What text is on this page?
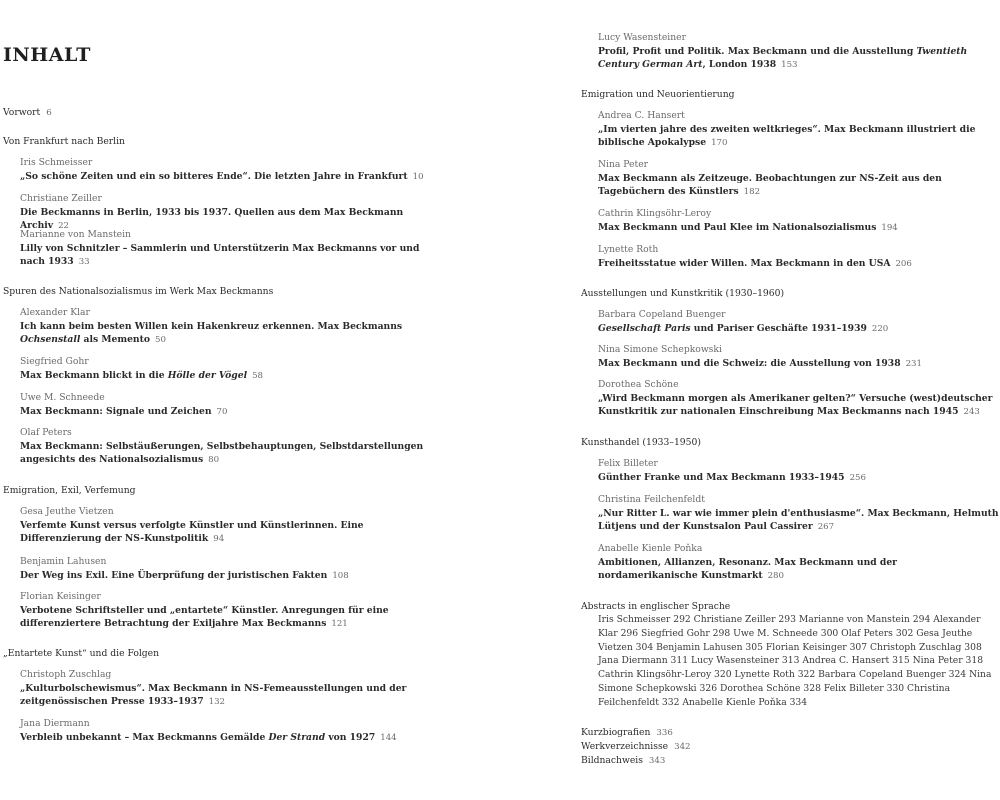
INHALT
Vorwort 6
Von Frankfurt nach Berlin
Iris Schmeisser
„So schöne Zeiten und ein so bitteres Ende“. Die letzten Jahre in Frankfurt 10
Christiane Zeiller
Die Beckmanns in Berlin, 1933 bis 1937. Quellen aus dem Max Beckmann Archiv 22
Marianne von Manstein
Lilly von Schnitzler – Sammlerin und Unterstützerin Max Beckmanns vor und nach 1933 33
Spuren des Nationalsozialismus im Werk Max Beckmanns
Alexander Klar
Ich kann beim besten Willen kein Hakenkreuz erkennen. Max Beckmanns Ochsenstall als Memento 50
Siegfried Gohr
Max Beckmann blickt in die Hölle der Vögel 58
Uwe M. Schneede
Max Beckmann: Signale und Zeichen 70
Olaf Peters
Max Beckmann: Selbstäußerungen, Selbstbehauptungen, Selbstdarstellungen angesichts des Nationalsozialismus 80
Emigration, Exil, Verfemung
Gesa Jeuthe Vietzen
Verfemte Kunst versus verfolgte Künstler und Künstlerinnen. Eine Differenzierung der NS-Kunstpolitik 94
Benjamin Lahusen
Der Weg ins Exil. Eine Überprüfung der juristischen Fakten 108
Florian Keisinger
Verbotene Schriftsteller und „entartete“ Künstler. Anregungen für eine differenziertere Betrachtung der Exiljahre Max Beckmanns 121
„Entartete Kunst“ und die Folgen
Christoph Zuschlag
„Kulturbolschewismus“. Max Beckmann in NS-Femeausstellungen und der zeitgenössischen Presse 1933–1937 132
Jana Diermann
Verbleib unbekannt – Max Beckmanns Gemälde Der Strand von 1927 144
Lucy Wasensteiner
Profil, Profit und Politik. Max Beckmann und die Ausstellung Twentieth Century German Art, London 1938 153
Emigration und Neuorientierung
Andrea C. Hansert
„Im vierten jahre des zweiten weltkrieges“. Max Beckmann illustriert die biblische Apokalypse 170
Nina Peter
Max Beckmann als Zeitzeuge. Beobachtungen zur NS-Zeit aus den Tagebüchern des Künstlers 182
Cathrin Klingsöhr-Leroy
Max Beckmann und Paul Klee im Nationalsozialismus 194
Lynette Roth
Freiheitsstatue wider Willen. Max Beckmann in den USA 206
Ausstellungen und Kunstkritik (1930–1960)
Barbara Copeland Buenger
Gesellschaft Paris und Pariser Geschäfte 1931–1939 220
Nina Simone Schepkowski
Max Beckmann und die Schweiz: die Ausstellung von 1938 231
Dorothea Schöne
„Wird Beckmann morgen als Amerikaner gelten?“ Versuche (west)deutscher Kunstkritik zur nationalen Einschreibung Max Beckmanns nach 1945 243
Kunsthandel (1933–1950)
Felix Billeter
Günther Franke und Max Beckmann 1933–1945 256
Christina Feilchenfeldt
„Nur Ritter L. war wie immer plein d'enthusiasme“. Max Beckmann, Helmuth Lütjens und der Kunstsalon Paul Cassirer 267
Anabelle Kienle Poňka
Ambitionen, Allianzen, Resonanz. Max Beckmann und der nordamerikanische Kunstmarkt 280
Abstracts in englischer Sprache
Iris Schmeisser 292 Christiane Zeiller 293 Marianne von Manstein 294 Alexander Klar 296 Siegfried Gohr 298 Uwe M. Schneede 300 Olaf Peters 302 Gesa Jeuthe Vietzen 304 Benjamin Lahusen 305 Florian Keisinger 307 Christoph Zuschlag 308 Jana Diermann 311 Lucy Wasensteiner 313 Andrea C. Hansert 315 Nina Peter 318 Cathrin Klingsöhr-Leroy 320 Lynette Roth 322 Barbara Copeland Buenger 324 Nina Simone Schepkowski 326 Dorothea Schöne 328 Felix Billeter 330 Christina Feilchenfeldt 332 Anabelle Kienle Poňka 334
Kurzbiografien 336
Werkverzeichnisse 342
Bildnachweis 343
